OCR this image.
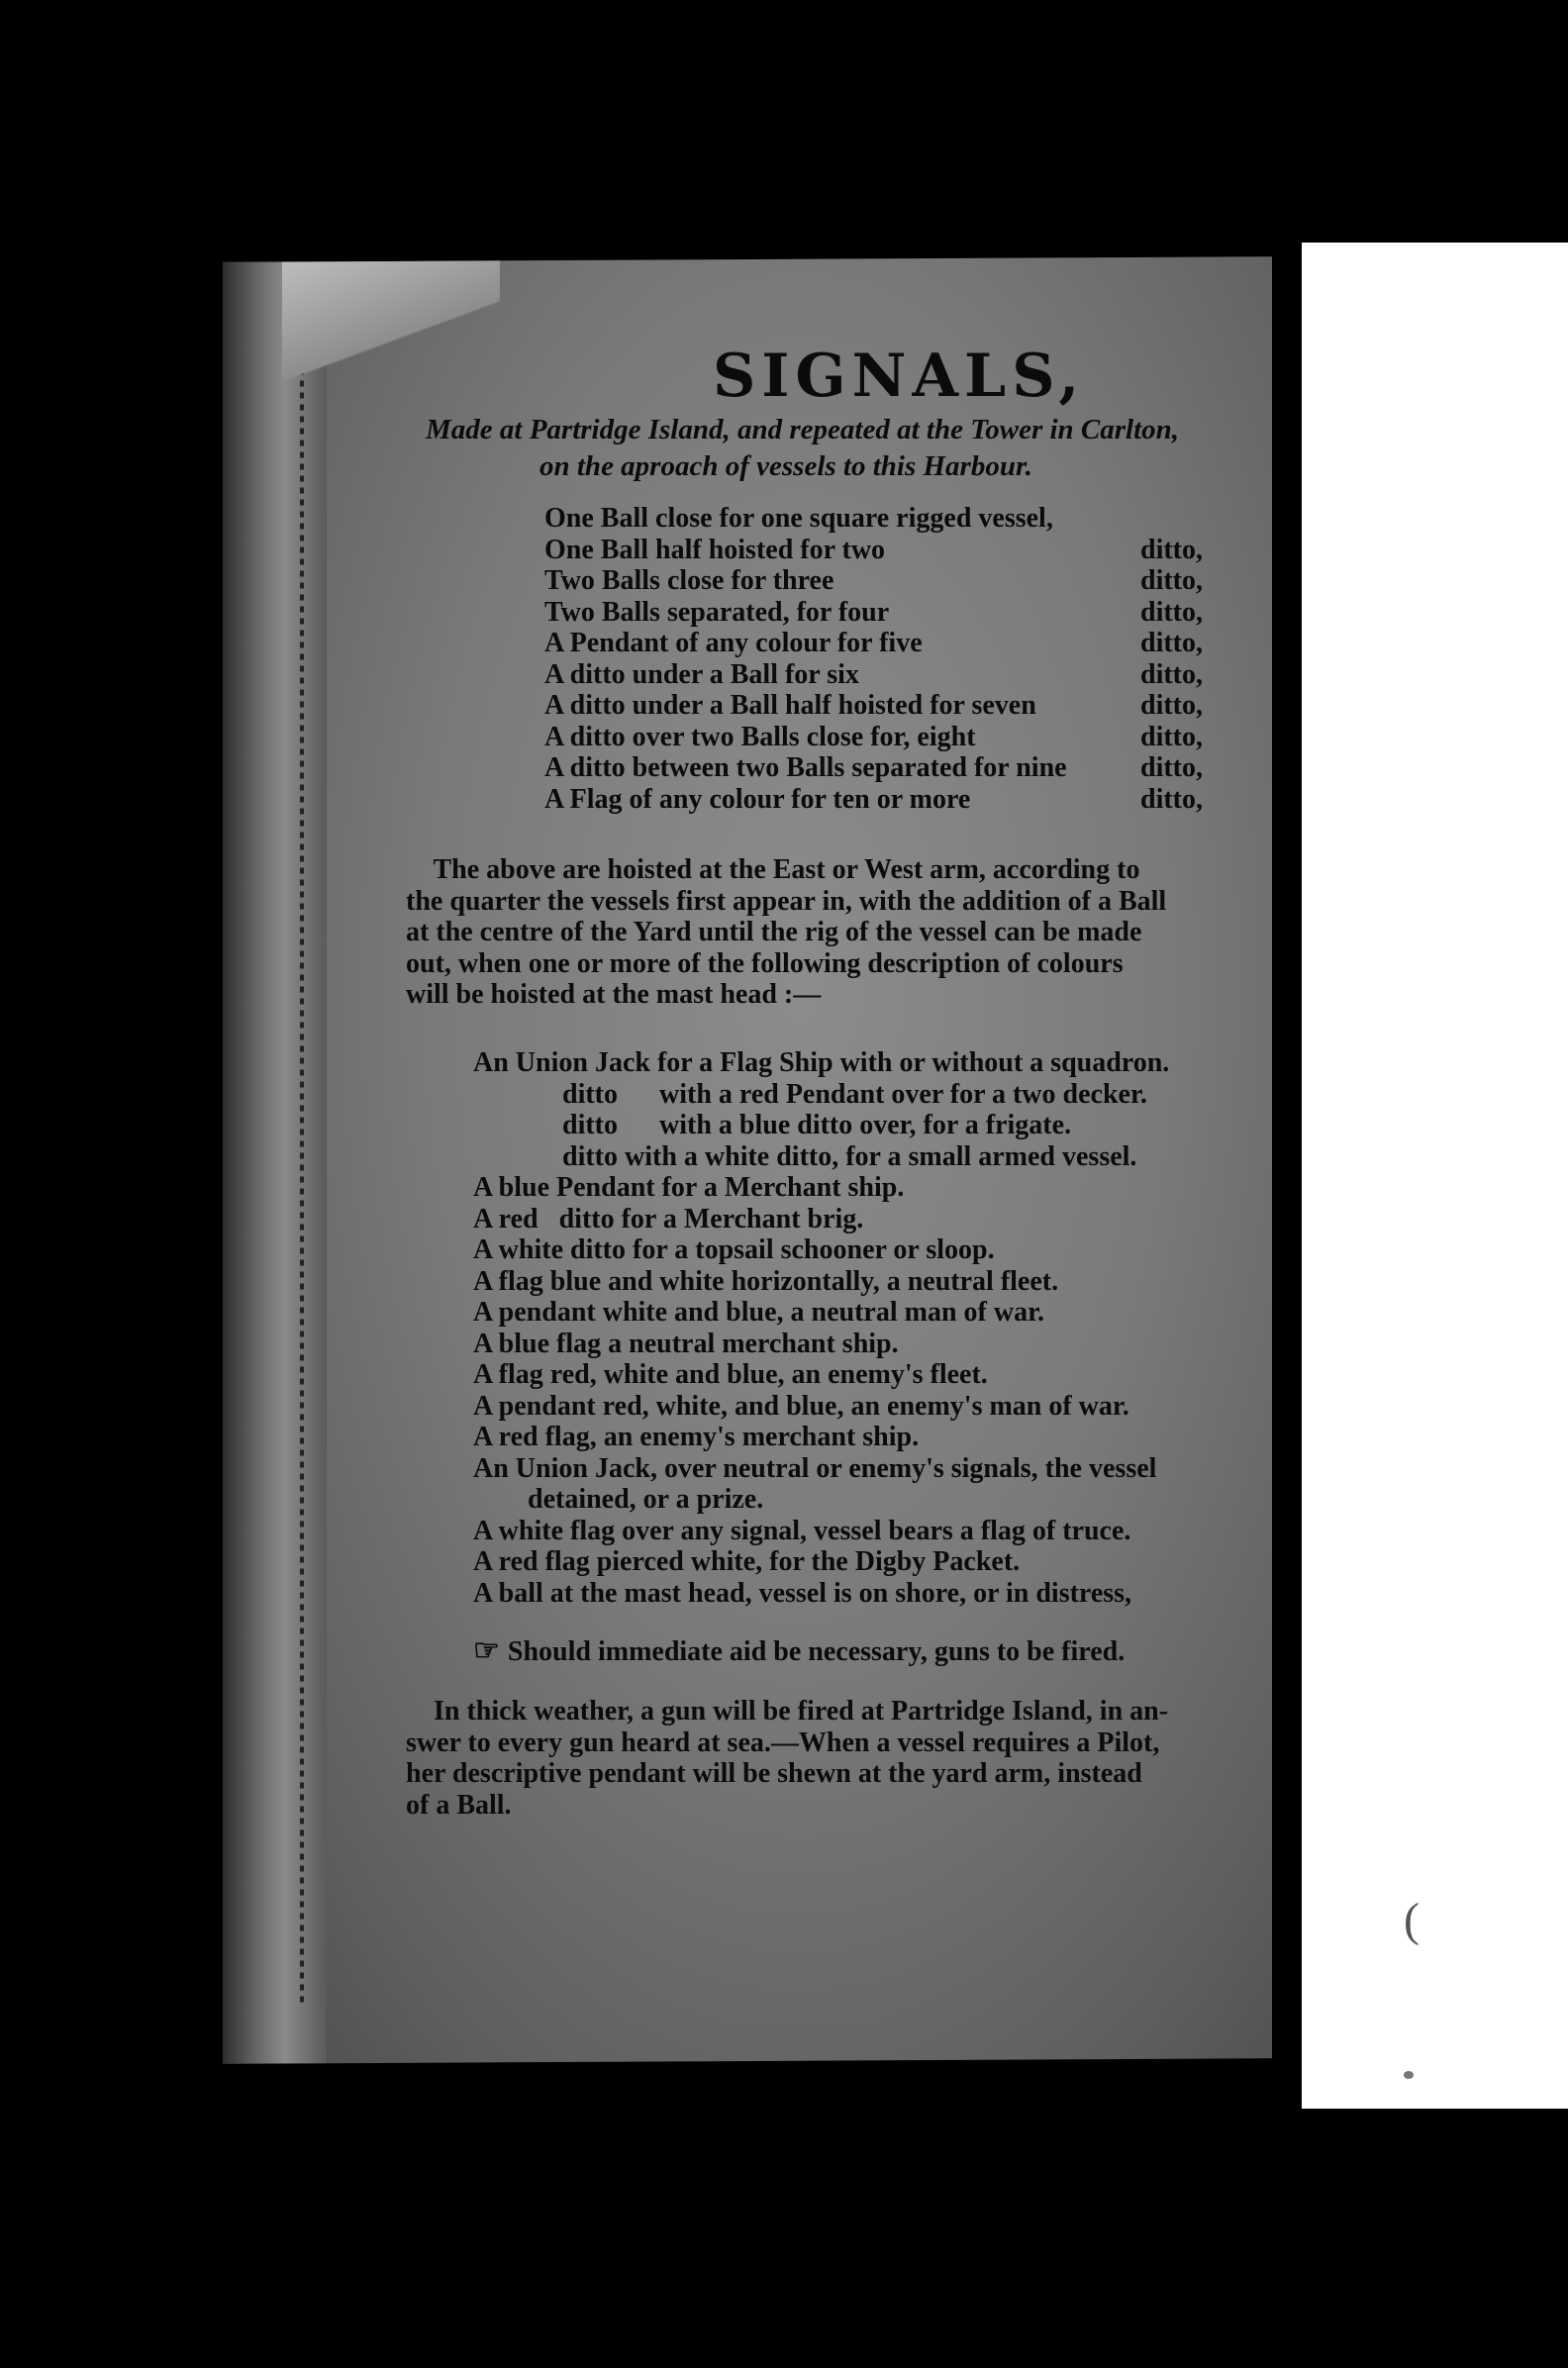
(
SIGNALS,
Made at Partridge Island, and repeated at the Tower in Carlton,
on the aproach of vessels to this Harbour.
One Ball close for one square rigged vessel,
One Ball half hoisted for two	ditto,
Two Balls close for three	ditto,
Two Balls separated, for four	ditto,
A Pendant of any colour for five	ditto,
A ditto under a Ball for six	ditto,
A ditto under a Ball half hoisted for seven	ditto,
A ditto over two Balls close for, eight	ditto,
A ditto between two Balls separated for nine	ditto,
A Flag of any colour for ten or more	ditto,
The above are hoisted at the East or West arm, according to
the quarter the vessels first appear in, with the addition of a Ball
at the centre of the Yard until the rig of the vessel can be made
out, when one or more of the following description of colours
will be hoisted at the mast head :—
An Union Jack for a Flag Ship with or without a squadron.
ditto      with a red Pendant over for a two decker.
ditto      with a blue ditto over, for a frigate.
ditto with a white ditto, for a small armed vessel.
A blue Pendant for a Merchant ship.
A red   ditto for a Merchant brig.
A white ditto for a topsail schooner or sloop.
A flag blue and white horizontally, a neutral fleet.
A pendant white and blue, a neutral man of war.
A blue flag a neutral merchant ship.
A flag red, white and blue, an enemy's fleet.
A pendant red, white, and blue, an enemy's man of war.
A red flag, an enemy's merchant ship.
An Union Jack, over neutral or enemy's signals, the vessel
detained, or a prize.
A white flag over any signal, vessel bears a flag of truce.
A red flag pierced white, for the Digby Packet.
A ball at the mast head, vessel is on shore, or in distress,
☞ Should immediate aid be necessary, guns to be fired.
In thick weather, a gun will be fired at Partridge Island, in an-
swer to every gun heard at sea.—When a vessel requires a Pilot,
her descriptive pendant will be shewn at the yard arm, instead
of a Ball.
